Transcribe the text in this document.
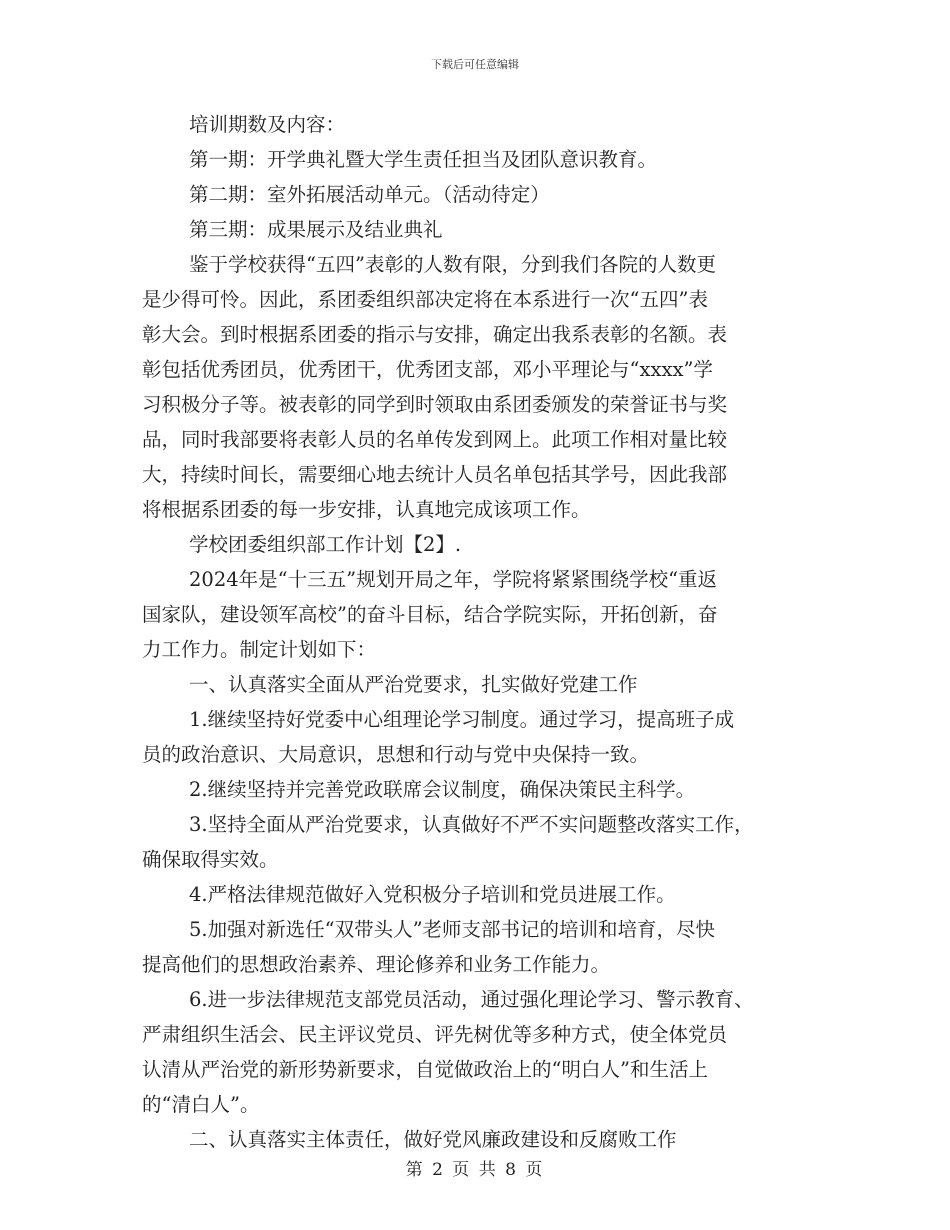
下载后可任意编辑
培训期数及内容：
第一期：开学典礼暨大学生责任担当及团队意识教育。
第二期：室外拓展活动单元。（活动待定）
第三期：成果展示及结业典礼
鉴于学校获得“五四”表彰的人数有限，分到我们各院的人数更
是少得可怜。因此，系团委组织部决定将在本系进行一次“五四”表
彰大会。到时根据系团委的指示与安排，确定出我系表彰的名额。表
彰包括优秀团员，优秀团干，优秀团支部，邓小平理论与“xxxx”学
习积极分子等。被表彰的同学到时领取由系团委颁发的荣誉证书与奖
品，同时我部要将表彰人员的名单传发到网上。此项工作相对量比较
大，持续时间长，需要细心地去统计人员名单包括其学号，因此我部
将根据系团委的每一步安排，认真地完成该项工作。
学校团委组织部工作计划【2】.
2024年是“十三五”规划开局之年，学院将紧紧围绕学校“重返
国家队，建设领军高校”的奋斗目标，结合学院实际，开拓创新，奋
力工作力。制定计划如下：
一、认真落实全面从严治党要求，扎实做好党建工作
1.继续坚持好党委中心组理论学习制度。通过学习，提高班子成
员的政治意识、大局意识，思想和行动与党中央保持一致。
2.继续坚持并完善党政联席会议制度，确保决策民主科学。
3.坚持全面从严治党要求，认真做好不严不实问题整改落实工作，
确保取得实效。
4.严格法律规范做好入党积极分子培训和党员进展工作。
5.加强对新选任“双带头人”老师支部书记的培训和培育，尽快
提高他们的思想政治素养、理论修养和业务工作能力。
6.进一步法律规范支部党员活动，通过强化理论学习、警示教育、
严肃组织生活会、民主评议党员、评先树优等多种方式，使全体党员
认清从严治党的新形势新要求，自觉做政治上的“明白人”和生活上
的“清白人”。
二、认真落实主体责任，做好党风廉政建设和反腐败工作
第 2 页 共 8 页
